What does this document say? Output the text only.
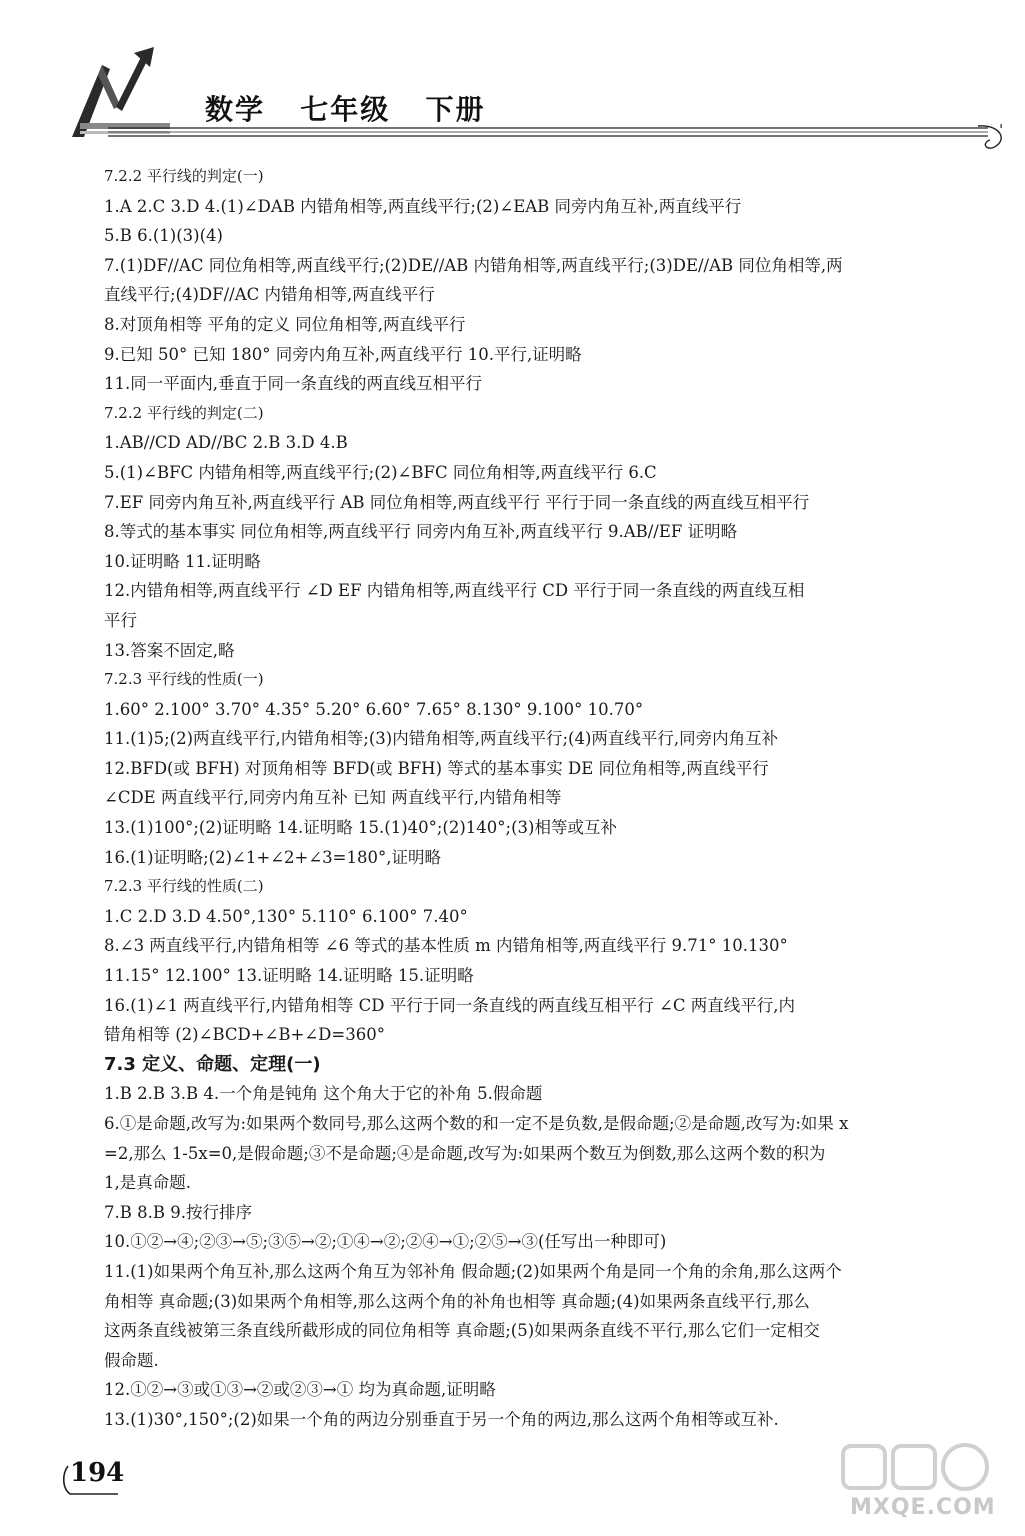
数学   七年级   下册
7.2.2 平行线的判定(一)
1.A 2.C 3.D 4.(1)∠DAB 内错角相等,两直线平行;(2)∠EAB 同旁内角互补,两直线平行
5.B 6.(1)(3)(4)
7.(1)DF//AC 同位角相等,两直线平行;(2)DE//AB 内错角相等,两直线平行;(3)DE//AB 同位角相等,两
直线平行;(4)DF//AC 内错角相等,两直线平行
8.对顶角相等 平角的定义 同位角相等,两直线平行
9.已知 50° 已知 180° 同旁内角互补,两直线平行 10.平行,证明略
11.同一平面内,垂直于同一条直线的两直线互相平行
7.2.2 平行线的判定(二)
1.AB//CD AD//BC 2.B 3.D 4.B
5.(1)∠BFC 内错角相等,两直线平行;(2)∠BFC 同位角相等,两直线平行 6.C
7.EF 同旁内角互补,两直线平行 AB 同位角相等,两直线平行 平行于同一条直线的两直线互相平行
8.等式的基本事实 同位角相等,两直线平行 同旁内角互补,两直线平行 9.AB//EF 证明略
10.证明略 11.证明略
12.内错角相等,两直线平行 ∠D EF 内错角相等,两直线平行 CD 平行于同一条直线的两直线互相
平行
13.答案不固定,略
7.2.3 平行线的性质(一)
1.60° 2.100° 3.70° 4.35° 5.20° 6.60° 7.65° 8.130° 9.100° 10.70°
11.(1)5;(2)两直线平行,内错角相等;(3)内错角相等,两直线平行;(4)两直线平行,同旁内角互补
12.BFD(或 BFH) 对顶角相等 BFD(或 BFH) 等式的基本事实 DE 同位角相等,两直线平行
∠CDE 两直线平行,同旁内角互补 已知 两直线平行,内错角相等
13.(1)100°;(2)证明略 14.证明略 15.(1)40°;(2)140°;(3)相等或互补
16.(1)证明略;(2)∠1+∠2+∠3=180°,证明略
7.2.3 平行线的性质(二)
1.C 2.D 3.D 4.50°,130° 5.110° 6.100° 7.40°
8.∠3 两直线平行,内错角相等 ∠6 等式的基本性质 m 内错角相等,两直线平行 9.71° 10.130°
11.15° 12.100° 13.证明略 14.证明略 15.证明略
16.(1)∠1 两直线平行,内错角相等 CD 平行于同一条直线的两直线互相平行 ∠C 两直线平行,内
错角相等 (2)∠BCD+∠B+∠D=360°
7.3 定义、命题、定理(一)
1.B 2.B 3.B 4.一个角是钝角 这个角大于它的补角 5.假命题
6.①是命题,改写为:如果两个数同号,那么这两个数的和一定不是负数,是假命题;②是命题,改写为:如果 x
=2,那么 1-5x=0,是假命题;③不是命题;④是命题,改写为:如果两个数互为倒数,那么这两个数的积为
1,是真命题.
7.B 8.B 9.按行排序
10.①②→④;②③→⑤;③⑤→②;①④→②;②④→①;②⑤→③(任写出一种即可)
11.(1)如果两个角互补,那么这两个角互为邻补角 假命题;(2)如果两个角是同一个角的余角,那么这两个
角相等 真命题;(3)如果两个角相等,那么这两个角的补角也相等 真命题;(4)如果两条直线平行,那么
这两条直线被第三条直线所截形成的同位角相等 真命题;(5)如果两条直线不平行,那么它们一定相交
假命题.
12.①②→③或①③→②或②③→① 均为真命题,证明略
13.(1)30°,150°;(2)如果一个角的两边分别垂直于另一个角的两边,那么这两个角相等或互补.
194
MXQE.COM
